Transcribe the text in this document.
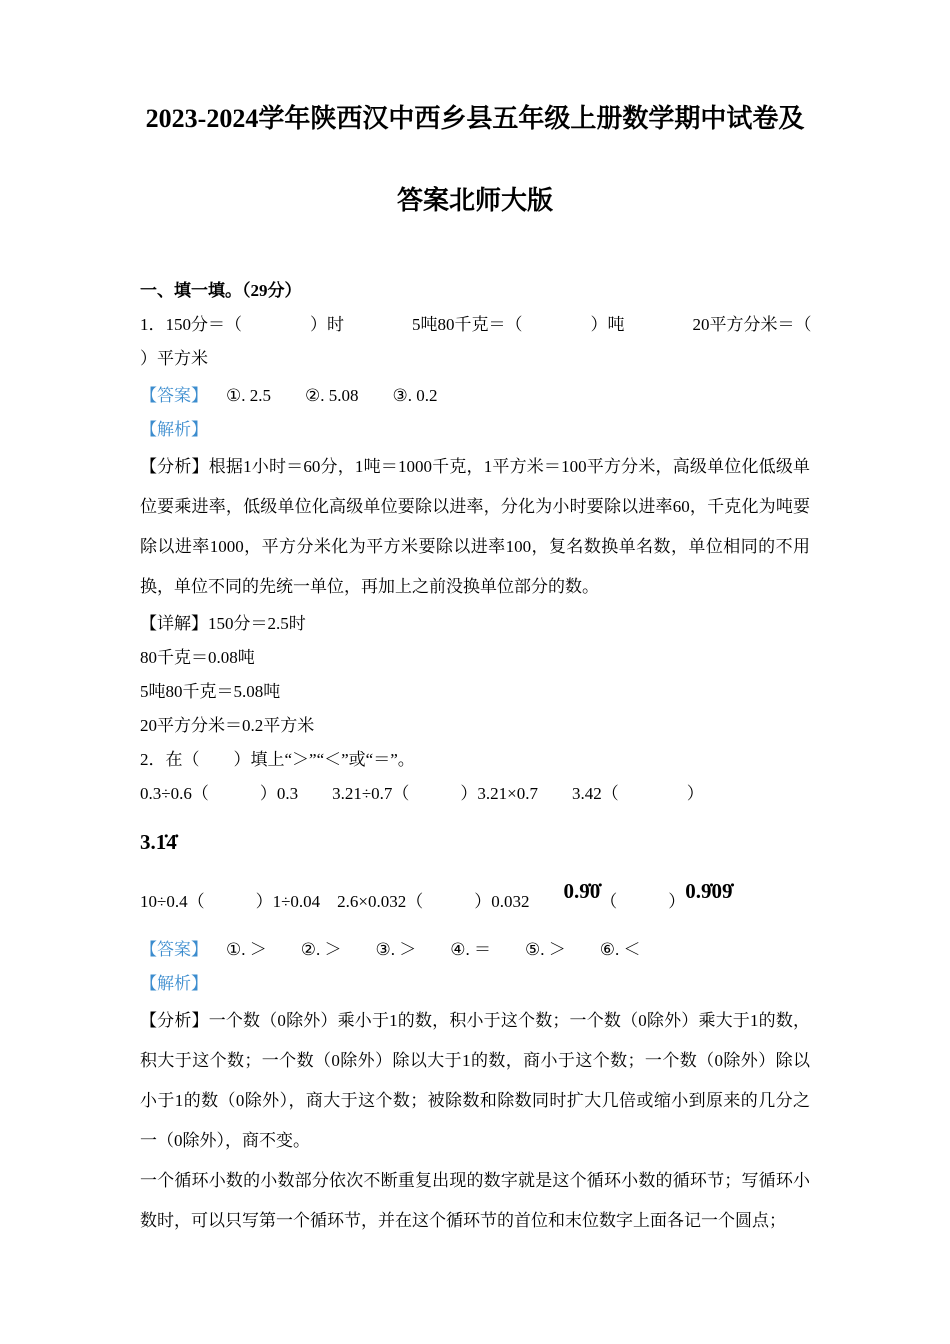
2023-2024学年陕西汉中西乡县五年级上册数学期中试卷及
答案北师大版

一、填一填。（29分）

1．150分＝（　　　　）时　　　　5吨80千克＝（　　　　）吨　　　　20平方分米＝（

）平方米

【答案】 ①. 2.5　　②. 5.08　　③. 0.2

【解析】

【分析】根据1小时＝60分，1吨＝1000千克，1平方米＝100平方分米，高级单位化低级单位要乘进率，低级单位化高级单位要除以进率，分化为小时要除以进率60，千克化为吨要除以进率1000，平方分米化为平方米要除以进率100，复名数换单名数，单位相同的不用换，单位不同的先统一单位，再加上之前没换单位部分的数。

【详解】150分＝2.5时

80千克＝0.08吨

5吨80千克＝5.08吨

20平方分米＝0.2平方米

2．在（　　）填上“＞”“＜”或“＝”。

0.3÷0.6（　　　）0.3　　3.21÷0.7（　　　）3.21×0.7　　3.42（　　　　）

3.1̇4̇

10÷0.4（　　　）1÷0.04　2.6×0.032（　　　）0.032　　0.9̇0̇（　　　）0.9̇09̇

【答案】 ①. ＞　　②. ＞　　③. ＞　　④. ＝　　⑤. ＞　　⑥. ＜

【解析】

【分析】一个数（0除外）乘小于1的数，积小于这个数；一个数（0除外）乘大于1的数，积大于这个数；一个数（0除外）除以大于1的数，商小于这个数；一个数（0除外）除以小于1的数（0除外），商大于这个数；被除数和除数同时扩大几倍或缩小到原来的几分之一（0除外），商不变。

一个循环小数的小数部分依次不断重复出现的数字就是这个循环小数的循环节；写循环小数时，可以只写第一个循环节，并在这个循环节的首位和末位数字上面各记一个圆点；
